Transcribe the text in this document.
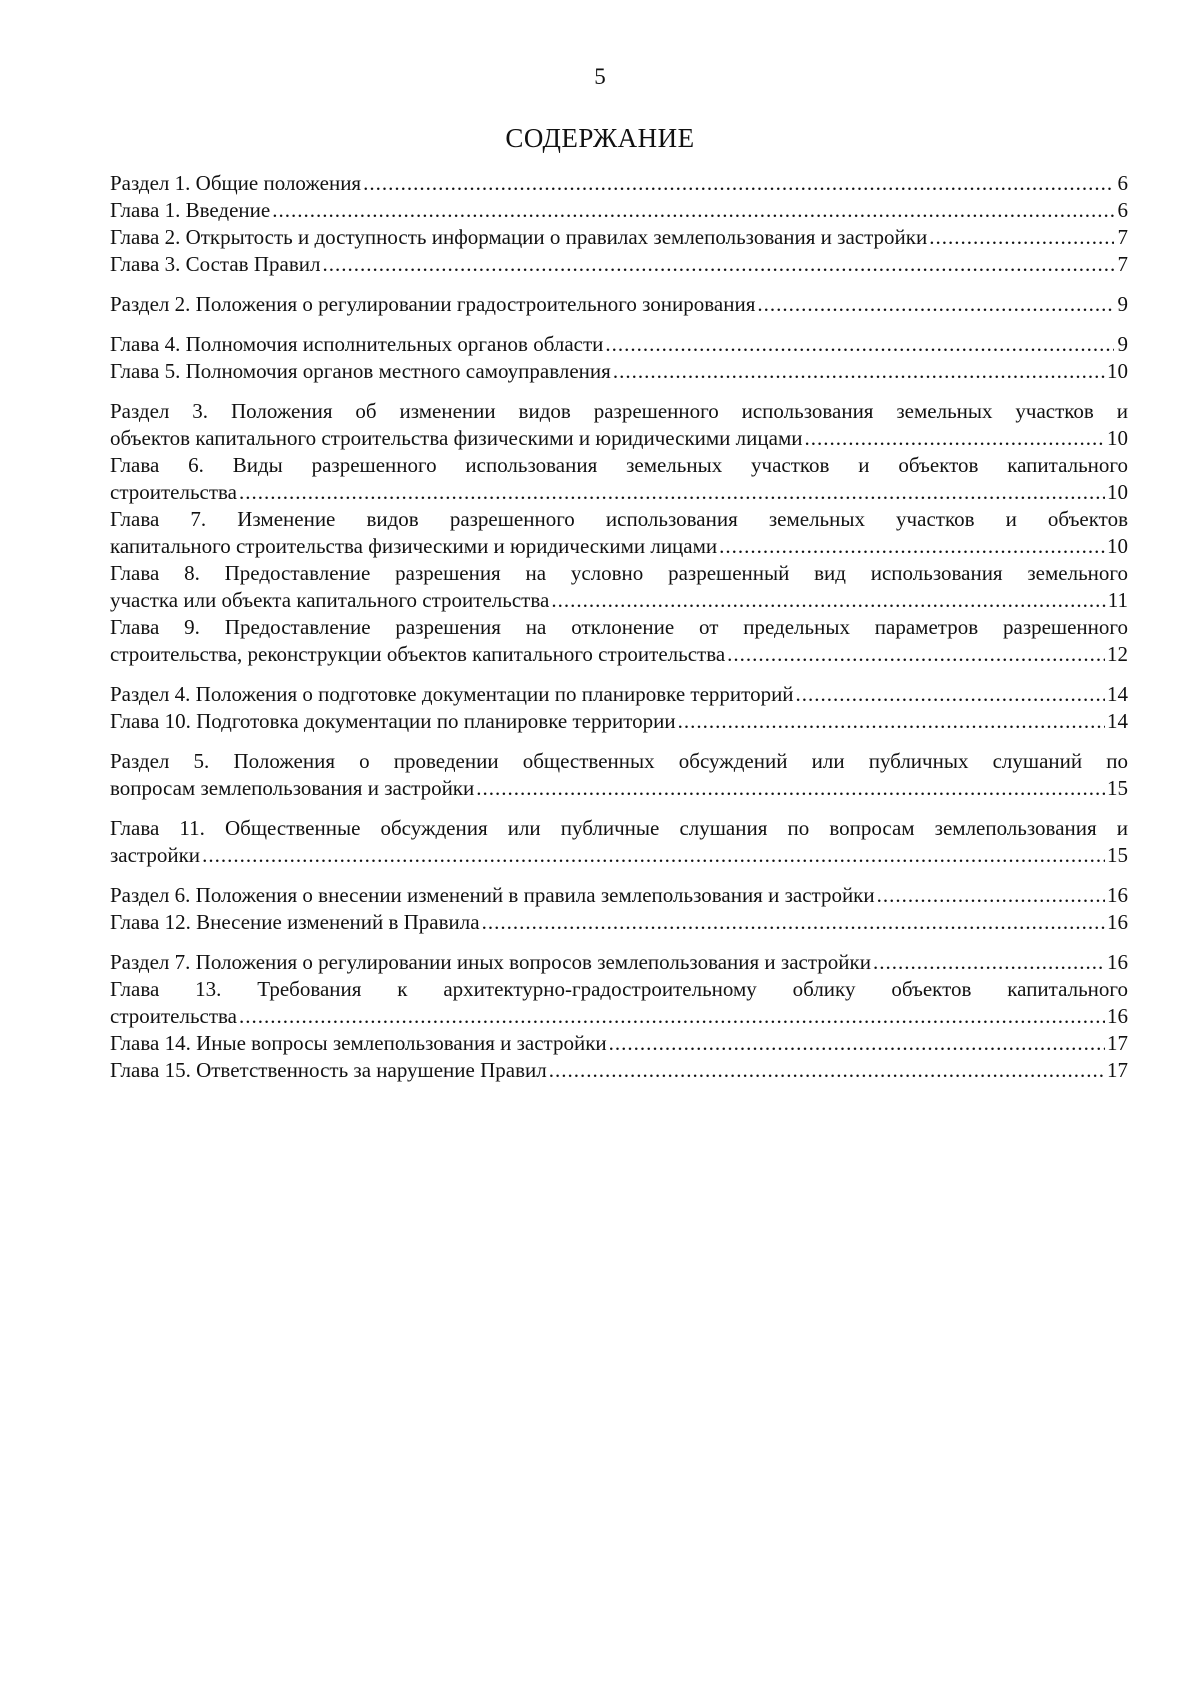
5
СОДЕРЖАНИЕ
Раздел 1. Общие положения .....	6
Глава 1. Введение .....	6
Глава 2. Открытость и доступность информации о правилах землепользования и застройки .....	7
Глава 3. Состав Правил .....	7
Раздел 2. Положения о регулировании градостроительного зонирования .....	9
Глава 4. Полномочия исполнительных органов области .....	9
Глава 5. Полномочия органов местного самоуправления .....	10
Раздел 3. Положения об изменении видов разрешенного использования земельных участков и
объектов капитального строительства физическими и юридическими лицами .....	10
Глава 6. Виды разрешенного использования земельных участков и объектов капитального
строительства .....	10
Глава 7. Изменение видов разрешенного использования земельных участков и объектов
капитального строительства физическими и юридическими лицами .....	10
Глава 8. Предоставление разрешения на условно разрешенный вид использования земельного
участка или объекта капитального строительства .....	11
Глава 9. Предоставление разрешения на отклонение от предельных параметров разрешенного
строительства, реконструкции объектов капитального строительства .....	12
Раздел 4. Положения о подготовке документации по планировке территорий .....	14
Глава 10. Подготовка документации по планировке территории .....	14
Раздел 5. Положения о проведении общественных обсуждений или публичных слушаний по
вопросам землепользования и застройки .....	15
Глава 11. Общественные обсуждения или публичные слушания по вопросам землепользования и
застройки .....	15
Раздел 6. Положения о внесении изменений в правила землепользования и застройки .....	16
Глава 12. Внесение изменений в Правила .....	16
Раздел 7. Положения о регулировании иных вопросов землепользования и застройки .....	16
Глава 13. Требования к архитектурно-градостроительному облику объектов капитального
строительства .....	16
Глава 14. Иные вопросы землепользования и застройки .....	17
Глава 15. Ответственность за нарушение Правил .....	17
